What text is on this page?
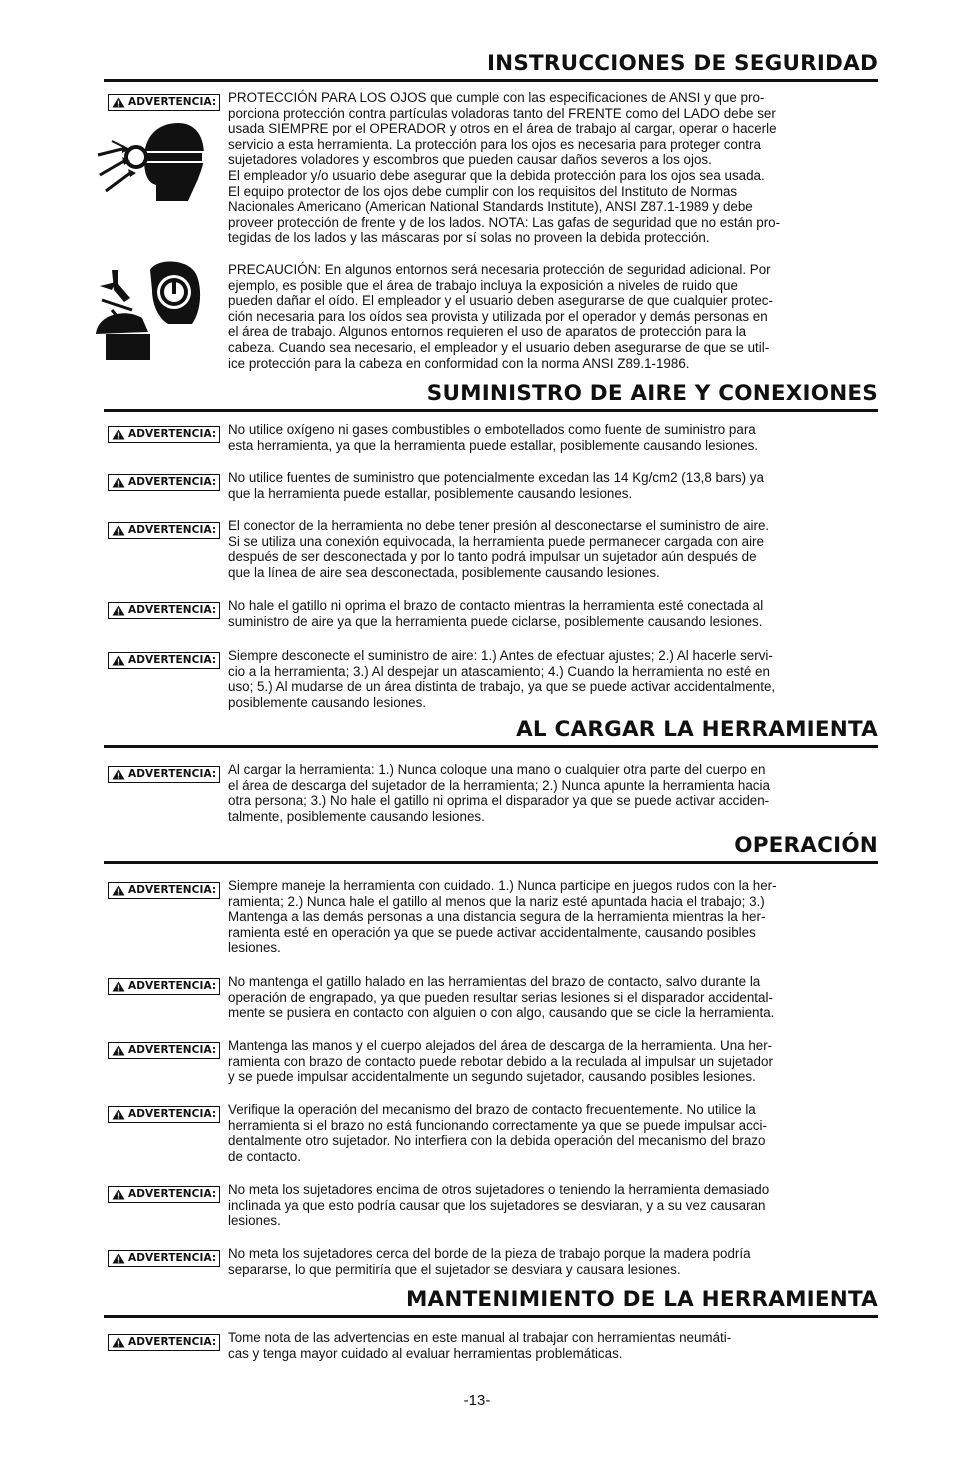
-13-
INSTRUCCIONES DE SEGURIDAD
ADVERTENCIA: PROTECCIÓN PARA LOS OJOS que cumple con las especificaciones de ANSI y que pro-
porciona protección contra partículas voladoras tanto del FRENTE como del LADO debe ser
usada SIEMPRE por el OPERADOR y otros en el área de trabajo al cargar, operar o hacerle
servicio a esta herramienta. La protección para los ojos es necesaria para proteger contra
sujetadores voladores y escombros que pueden causar daños severos a los ojos.
El empleador y/o usuario debe asegurar que la debida protección para los ojos sea usada.
El equipo protector de los ojos debe cumplir con los requisitos del Instituto de Normas
Nacionales Americano (American National Standards Institute), ANSI Z87.1-1989 y debe
proveer protección de frente y de los lados. NOTA: Las gafas de seguridad que no están pro-
tegidas de los lados y las máscaras por sí solas no proveen la debida protección.
PRECAUCIÓN: En algunos entornos será necesaria protección de seguridad adicional. Por
ejemplo, es posible que el área de trabajo incluya la exposición a niveles de ruido que
pueden dañar el oído. El empleador y el usuario deben asegurarse de que cualquier protec-
ción necesaria para los oídos sea provista y utilizada por el operador y demás personas en
el área de trabajo. Algunos entornos requieren el uso de aparatos de protección para la
cabeza. Cuando sea necesario, el empleador y el usuario deben asegurarse de que se util-
ice protección para la cabeza en conformidad con la norma ANSI Z89.1-1986.
SUMINISTRO DE AIRE Y CONEXIONES
ADVERTENCIA: No utilice oxígeno ni gases combustibles o embotellados como fuente de suministro para
esta herramienta, ya que la herramienta puede estallar, posiblemente causando lesiones.
ADVERTENCIA: No utilice fuentes de suministro que potencialmente excedan las 14 Kg/cm2 (13,8 bars) ya
que la herramienta puede estallar, posiblemente causando lesiones.
ADVERTENCIA: El conector de la herramienta no debe tener presión al desconectarse el suministro de aire.
Si se utiliza una conexión equivocada, la herramienta puede permanecer cargada con aire
después de ser desconectada y por lo tanto podrá impulsar un sujetador aún después de
que la línea de aire sea desconectada, posiblemente causando lesiones.
ADVERTENCIA: No hale el gatillo ni oprima el brazo de contacto mientras la herramienta esté conectada al
suministro de aire ya que la herramienta puede ciclarse, posiblemente causando lesiones.
ADVERTENCIA: Siempre desconecte el suministro de aire: 1.) Antes de efectuar ajustes; 2.) Al hacerle servi-
cio a la herramienta; 3.) Al despejar un atascamiento; 4.) Cuando la herramienta no esté en
uso; 5.) Al mudarse de un área distinta de trabajo, ya que se puede activar accidentalmente,
posiblemente causando lesiones.
AL CARGAR LA HERRAMIENTA
ADVERTENCIA: Al cargar la herramienta: 1.) Nunca coloque una mano o cualquier otra parte del cuerpo en
el área de descarga del sujetador de la herramienta; 2.) Nunca apunte la herramienta hacia
otra persona; 3.) No hale el gatillo ni oprima el disparador ya que se puede activar acciden-
talmente, posiblemente causando lesiones.
OPERACIÓN
ADVERTENCIA: Siempre maneje la herramienta con cuidado. 1.) Nunca participe en juegos rudos con la her-
ramienta; 2.) Nunca hale el gatillo al menos que la nariz esté apuntada hacia el trabajo; 3.)
Mantenga a las demás personas a una distancia segura de la herramienta mientras la her-
ramienta esté en operación ya que se puede activar accidentalmente, causando posibles
lesiones.
ADVERTENCIA: No mantenga el gatillo halado en las herramientas del brazo de contacto, salvo durante la
operación de engrapado, ya que pueden resultar serias lesiones si el disparador accidental-
mente se pusiera en contacto con alguien o con algo, causando que se cicle la herramienta.
ADVERTENCIA: Mantenga las manos y el cuerpo alejados del área de descarga de la herramienta. Una her-
ramienta con brazo de contacto puede rebotar debido a la reculada al impulsar un sujetador
y se puede impulsar accidentalmente un segundo sujetador, causando posibles lesiones.
ADVERTENCIA: Verifique la operación del mecanismo del brazo de contacto frecuentemente. No utilice la
herramienta si el brazo no está funcionando correctamente ya que se puede impulsar acci-
dentalmente otro sujetador. No interfiera con la debida operación del mecanismo del brazo
de contacto.
ADVERTENCIA: No meta los sujetadores encima de otros sujetadores o teniendo la herramienta demasiado
inclinada ya que esto podría causar que los sujetadores se desviaran, y a su vez causaran
lesiones.
ADVERTENCIA: No meta los sujetadores cerca del borde de la pieza de trabajo porque la madera podría
separarse, lo que permitiría que el sujetador se desviara y causara lesiones.
MANTENIMIENTO DE LA HERRAMIENTA
ADVERTENCIA: Tome nota de las advertencias en este manual al trabajar con herramientas neumáti-
cas y tenga mayor cuidado al evaluar herramientas problemáticas.
